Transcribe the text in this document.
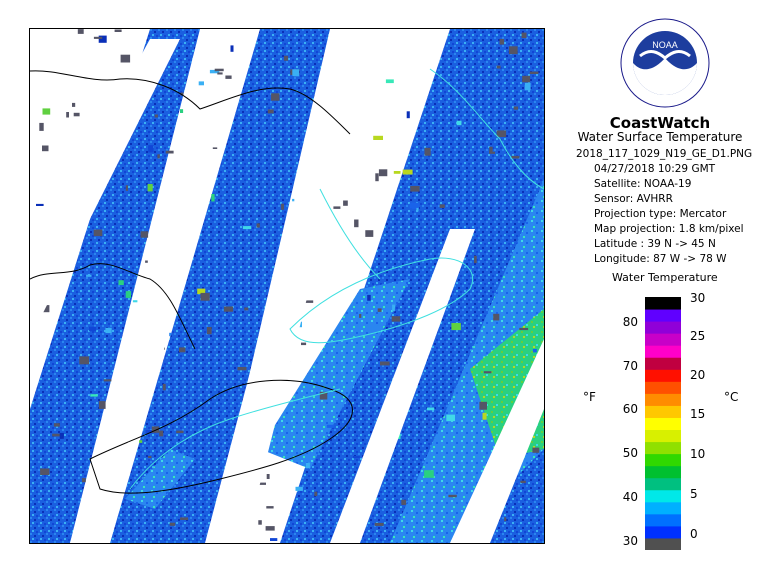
NOAA
CoastWatch
Water Surface Temperature
2018_117_1029_N19_GE_D1.PNG
04/27/2018 10:29 GMT
Satellite: NOAA-19
Sensor: AVHRR
Projection type: Mercator
Map projection: 1.8 km/pixel
Latitude : 39 N -> 45 N
Longitude: 87 W -> 78 W
Water Temperature
°F	°C
80
70
60
50
40
30
30
25
20
15
10
5
0
